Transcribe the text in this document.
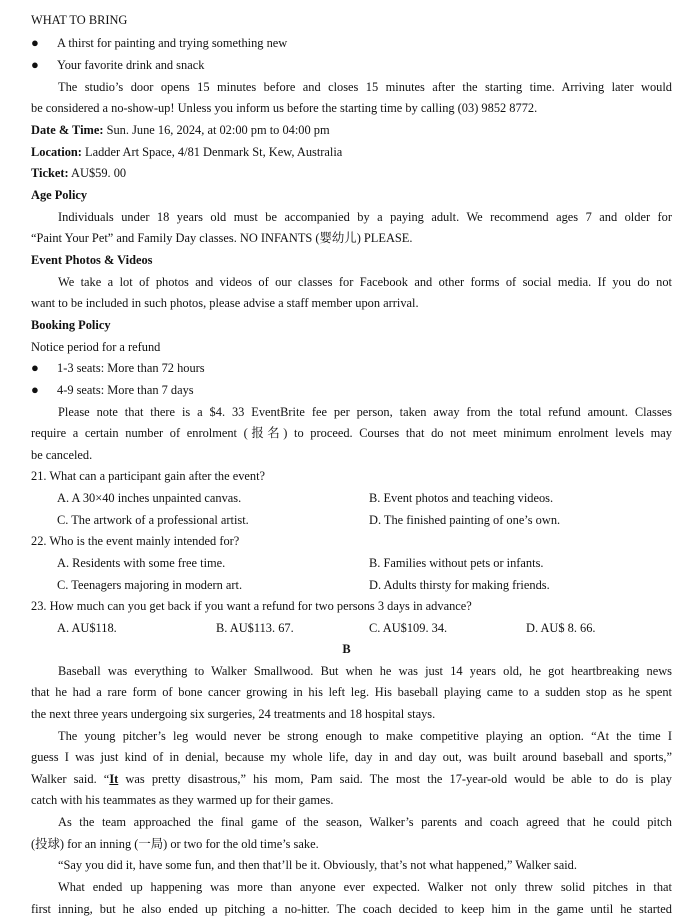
WHAT TO BRING
● A thirst for painting and trying something new
● Your favorite drink and snack
The studio’s door opens 15 minutes before and closes 15 minutes after the starting time. Arriving later would
be considered a no-show-up! Unless you inform us before the starting time by calling (03) 9852 8772.
Date & Time: Sun. June 16, 2024, at 02:00 pm to 04:00 pm
Location: Ladder Art Space, 4/81 Denmark St, Kew, Australia
Ticket: AU$59. 00
Age Policy
Individuals under 18 years old must be accompanied by a paying adult. We recommend ages 7 and older for
“Paint Your Pet” and Family Day classes. NO INFANTS (婴幼儿) PLEASE.
Event Photos & Videos
We take a lot of photos and videos of our classes for Facebook and other forms of social media. If you do not
want to be included in such photos, please advise a staff member upon arrival.
Booking Policy
Notice period for a refund
● 1-3 seats: More than 72 hours
● 4-9 seats: More than 7 days
Please note that there is a $4. 33 EventBrite fee per person, taken away from the total refund amount. Classes
require a certain number of enrolment (报名) to proceed. Courses that do not meet minimum enrolment levels may
be canceled.
21. What can a participant gain after the event?
A. A 30×40 inches unpainted canvas.	B. Event photos and teaching videos.
C. The artwork of a professional artist.	D. The finished painting of one’s own.
22. Who is the event mainly intended for?
A. Residents with some free time.	B. Families without pets or infants.
C. Teenagers majoring in modern art.	D. Adults thirsty for making friends.
23. How much can you get back if you want a refund for two persons 3 days in advance?
A. AU$118.	B. AU$113. 67.	C. AU$109. 34.	D. AU$ 8. 66.
B
Baseball was everything to Walker Smallwood. But when he was just 14 years old, he got heartbreaking news
that he had a rare form of bone cancer growing in his left leg. His baseball playing came to a sudden stop as he spent
the next three years undergoing six surgeries, 24 treatments and 18 hospital stays.
The young pitcher’s leg would never be strong enough to make competitive playing an option. “At the time I
guess I was just kind of in denial, because my whole life, day in and day out, was built around baseball and sports,”
Walker said. “It was pretty disastrous,” his mom, Pam said. The most the 17-year-old would be able to do is play
catch with his teammates as they warmed up for their games.
As the team approached the final game of the season, Walker’s parents and coach agreed that he could pitch
(投球) for an inning (一局) or two for the old time’s sake.
“Say you did it, have some fun, and then that’ll be it. Obviously, that’s not what happened,” Walker said.
What ended up happening was more than anyone ever expected. Walker not only threw solid pitches in that
first inning, but he also ended up pitching a no-hitter. The coach decided to keep him in the game until he started
